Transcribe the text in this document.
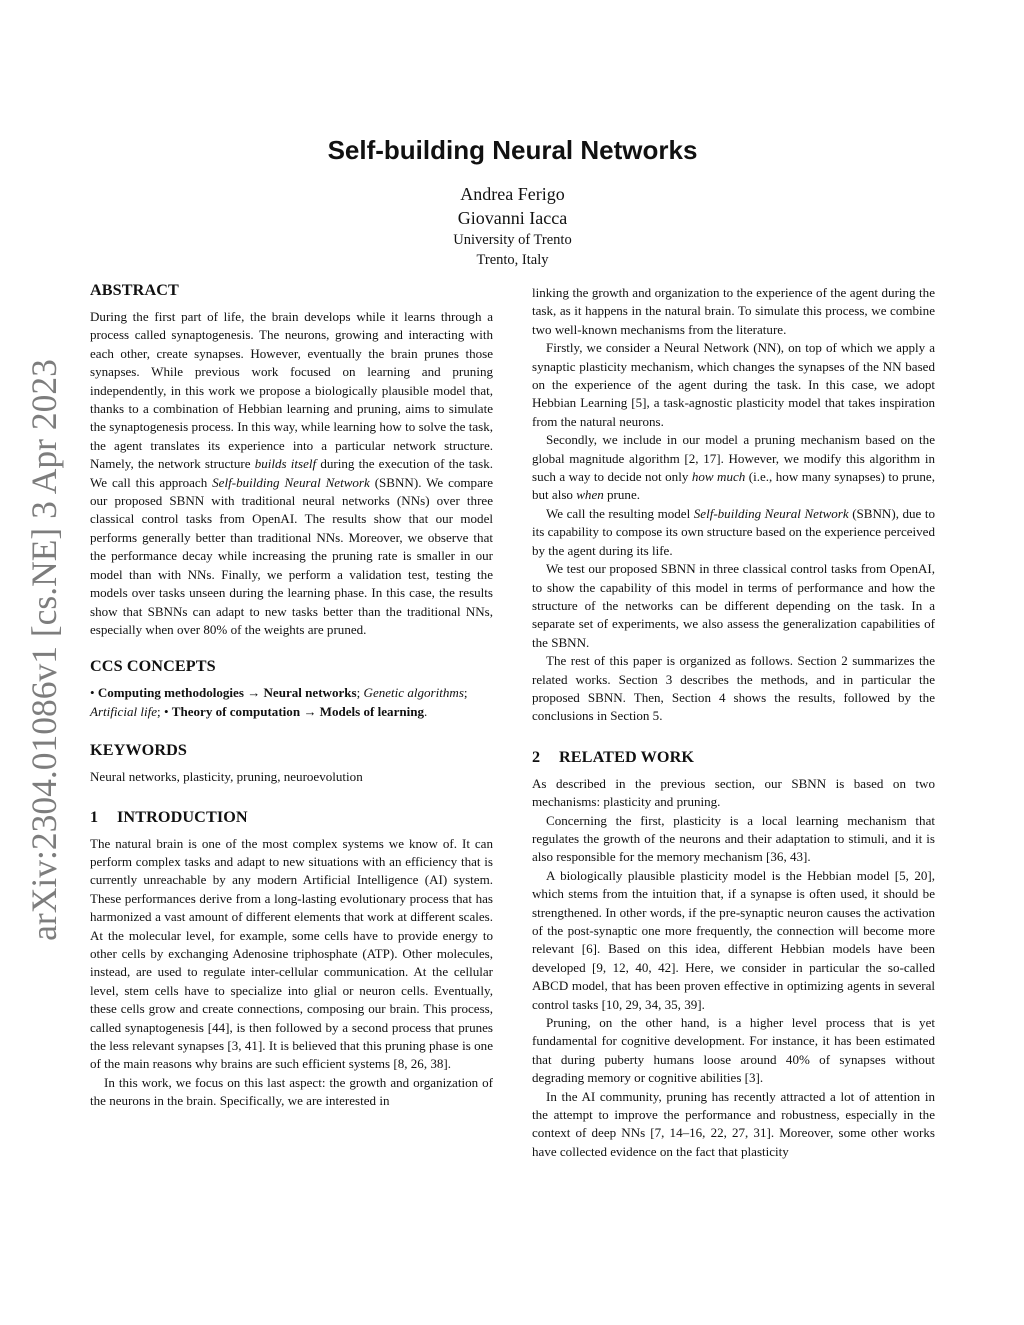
arXiv:2304.01086v1 [cs.NE] 3 Apr 2023
Self-building Neural Networks
Andrea Ferigo
Giovanni Iacca
University of Trento
Trento, Italy
ABSTRACT

During the first part of life, the brain develops while it learns through a process called synaptogenesis. The neurons, growing and interacting with each other, create synapses. However, eventually the brain prunes those synapses. While previous work focused on learning and pruning independently, in this work we propose a biologically plausible model that, thanks to a combination of Hebbian learning and pruning, aims to simulate the synaptogenesis process. In this way, while learning how to solve the task, the agent translates its experience into a particular network structure. Namely, the network structure builds itself during the execution of the task. We call this approach Self-building Neural Network (SBNN). We compare our proposed SBNN with traditional neural networks (NNs) over three classical control tasks from OpenAI. The results show that our model performs generally better than traditional NNs. Moreover, we observe that the performance decay while increasing the pruning rate is smaller in our model than with NNs. Finally, we perform a validation test, testing the models over tasks unseen during the learning phase. In this case, the results show that SBNNs can adapt to new tasks better than the traditional NNs, especially when over 80% of the weights are pruned.

CCS CONCEPTS

• Computing methodologies → Neural networks; Genetic algorithms; Artificial life; • Theory of computation → Models of learning.

KEYWORDS

Neural networks, plasticity, pruning, neuroevolution

1 INTRODUCTION

The natural brain is one of the most complex systems we know of. It can perform complex tasks and adapt to new situations with an efficiency that is currently unreachable by any modern Artificial Intelligence (AI) system. These performances derive from a long-lasting evolutionary process that has harmonized a vast amount of different elements that work at different scales. At the molecular level, for example, some cells have to provide energy to other cells by exchanging Adenosine triphosphate (ATP). Other molecules, instead, are used to regulate inter-cellular communication. At the cellular level, stem cells have to specialize into glial or neuron cells. Eventually, these cells grow and create connections, composing our brain. This process, called synaptogenesis [44], is then followed by a second process that prunes the less relevant synapses [3, 41]. It is believed that this pruning phase is one of the main reasons why brains are such efficient systems [8, 26, 38].

In this work, we focus on this last aspect: the growth and organization of the neurons in the brain. Specifically, we are interested in

linking the growth and organization to the experience of the agent during the task, as it happens in the natural brain. To simulate this process, we combine two well-known mechanisms from the literature.

Firstly, we consider a Neural Network (NN), on top of which we apply a synaptic plasticity mechanism, which changes the synapses of the NN based on the experience of the agent during the task. In this case, we adopt Hebbian Learning [5], a task-agnostic plasticity model that takes inspiration from the natural neurons.

Secondly, we include in our model a pruning mechanism based on the global magnitude algorithm [2, 17]. However, we modify this algorithm in such a way to decide not only how much (i.e., how many synapses) to prune, but also when prune.

We call the resulting model Self-building Neural Network (SBNN), due to its capability to compose its own structure based on the experience perceived by the agent during its life.

We test our proposed SBNN in three classical control tasks from OpenAI, to show the capability of this model in terms of performance and how the structure of the networks can be different depending on the task. In a separate set of experiments, we also assess the generalization capabilities of the SBNN.

The rest of this paper is organized as follows. Section 2 summarizes the related works. Section 3 describes the methods, and in particular the proposed SBNN. Then, Section 4 shows the results, followed by the conclusions in Section 5.

2 RELATED WORK

As described in the previous section, our SBNN is based on two mechanisms: plasticity and pruning.

Concerning the first, plasticity is a local learning mechanism that regulates the growth of the neurons and their adaptation to stimuli, and it is also responsible for the memory mechanism [36, 43].

A biologically plausible plasticity model is the Hebbian model [5, 20], which stems from the intuition that, if a synapse is often used, it should be strengthened. In other words, if the pre-synaptic neuron causes the activation of the post-synaptic one more frequently, the connection will become more relevant [6]. Based on this idea, different Hebbian models have been developed [9, 12, 40, 42]. Here, we consider in particular the so-called ABCD model, that has been proven effective in optimizing agents in several control tasks [10, 29, 34, 35, 39].

Pruning, on the other hand, is a higher level process that is yet fundamental for cognitive development. For instance, it has been estimated that during puberty humans loose around 40% of synapses without degrading memory or cognitive abilities [3].

In the AI community, pruning has recently attracted a lot of attention in the attempt to improve the performance and robustness, especially in the context of deep NNs [7, 14–16, 22, 27, 31]. Moreover, some other works have collected evidence on the fact that plasticity
